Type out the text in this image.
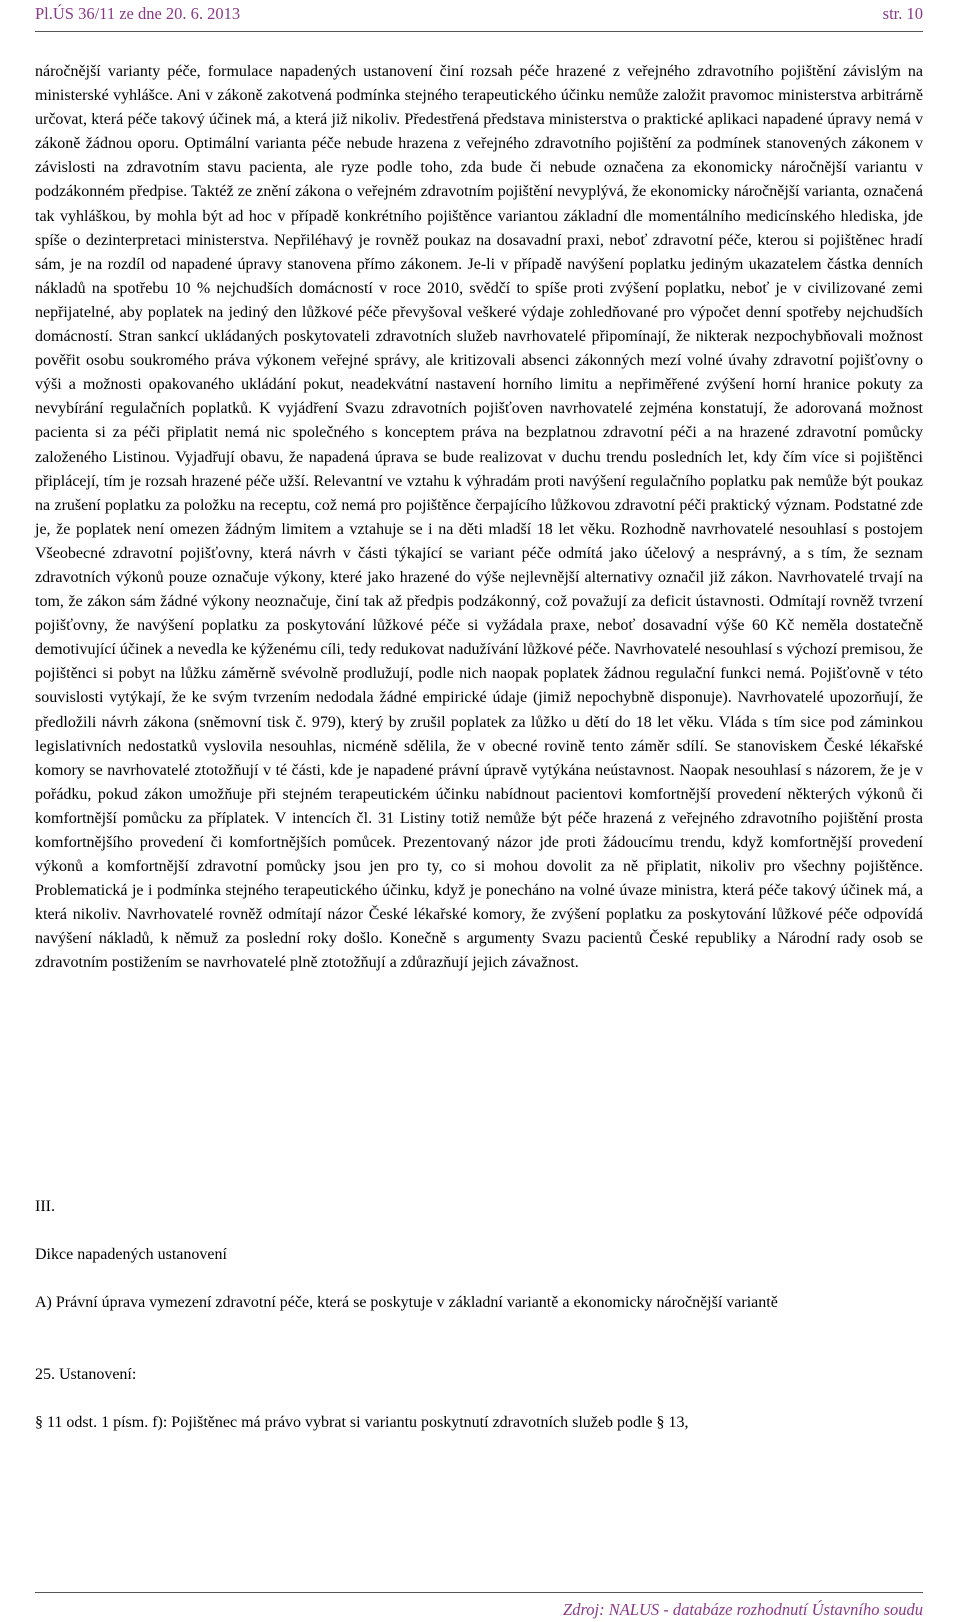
Pl.ÚS 36/11 ze dne 20. 6. 2013	str. 10

náročnější varianty péče, formulace napadených ustanovení činí rozsah péče hrazené z veřejného zdravotního pojištění závislým na ministerské vyhlášce. Ani v zákoně zakotvená podmínka stejného terapeutického účinku nemůže založit pravomoc ministerstva arbitrárně určovat, která péče takový účinek má, a která již nikoliv. Předestřená představa ministerstva o praktické aplikaci napadené úpravy nemá v zákoně žádnou oporu. Optimální varianta péče nebude hrazena z veřejného zdravotního pojištění za podmínek stanovených zákonem v závislosti na zdravotním stavu pacienta, ale ryze podle toho, zda bude či nebude označena za ekonomicky náročnější variantu v podzákonném předpise. Taktéž ze znění zákona o veřejném zdravotním pojištění nevyplývá, že ekonomicky náročnější varianta, označená tak vyhláškou, by mohla být ad hoc v případě konkrétního pojištěnce variantou základní dle momentálního medicínského hlediska, jde spíše o dezinterpretaci ministerstva. Nepřiléhavý je rovněž poukaz na dosavadní praxi, neboť zdravotní péče, kterou si pojištěnec hradí sám, je na rozdíl od napadené úpravy stanovena přímo zákonem. Je-li v případě navýšení poplatku jediným ukazatelem částka denních nákladů na spotřebu 10 % nejchudších domácností v roce 2010, svědčí to spíše proti zvýšení poplatku, neboť je v civilizované zemi nepřijatelné, aby poplatek na jediný den lůžkové péče převyšoval veškeré výdaje zohledňované pro výpočet denní spotřeby nejchudších domácností. Stran sankcí ukládaných poskytovateli zdravotních služeb navrhovatelé připomínají, že nikterak nezpochybňovali možnost pověřit osobu soukromého práva výkonem veřejné správy, ale kritizovali absenci zákonných mezí volné úvahy zdravotní pojišťovny o výši a možnosti opakovaného ukládání pokut, neadekvátní nastavení horního limitu a nepřiměřené zvýšení horní hranice pokuty za nevybírání regulačních poplatků. K vyjádření Svazu zdravotních pojišťoven navrhovatelé zejména konstatují, že adorovaná možnost pacienta si za péči připlatit nemá nic společného s konceptem práva na bezplatnou zdravotní péči a na hrazené zdravotní pomůcky založeného Listinou. Vyjadřují obavu, že napadená úprava se bude realizovat v duchu trendu posledních let, kdy čím více si pojištěnci připlácejí, tím je rozsah hrazené péče užší. Relevantní ve vztahu k výhradám proti navýšení regulačního poplatku pak nemůže být poukaz na zrušení poplatku za položku na receptu, což nemá pro pojištěnce čerpajícího lůžkovou zdravotní péči praktický význam. Podstatné zde je, že poplatek není omezen žádným limitem a vztahuje se i na děti mladší 18 let věku. Rozhodně navrhovatelé nesouhlasí s postojem Všeobecné zdravotní pojišťovny, která návrh v části týkající se variant péče odmítá jako účelový a nesprávný, a s tím, že seznam zdravotních výkonů pouze označuje výkony, které jako hrazené do výše nejlevnější alternativy označil již zákon. Navrhovatelé trvají na tom, že zákon sám žádné výkony neoznačuje, činí tak až předpis podzákonný, což považují za deficit ústavnosti. Odmítají rovněž tvrzení pojišťovny, že navýšení poplatku za poskytování lůžkové péče si vyžádala praxe, neboť dosavadní výše 60 Kč neměla dostatečně demotivující účinek a nevedla ke kýženému cíli, tedy redukovat nadužívání lůžkové péče. Navrhovatelé nesouhlasí s výchozí premisou, že pojištěnci si pobyt na lůžku záměrně svévolně prodlužují, podle nich naopak poplatek žádnou regulační funkci nemá. Pojišťovně v této souvislosti vytýkají, že ke svým tvrzením nedodala žádné empirické údaje (jimiž nepochybně disponuje). Navrhovatelé upozorňují, že předložili návrh zákona (sněmovní tisk č. 979), který by zrušil poplatek za lůžko u dětí do 18 let věku. Vláda s tím sice pod záminkou legislativních nedostatků vyslovila nesouhlas, nicméně sdělila, že v obecné rovině tento záměr sdílí. Se stanoviskem České lékařské komory se navrhovatelé ztotožňují v té části, kde je napadené právní úpravě vytýkána neústavnost. Naopak nesouhlasí s názorem, že je v pořádku, pokud zákon umožňuje při stejném terapeutickém účinku nabídnout pacientovi komfortnější provedení některých výkonů či komfortnější pomůcku za příplatek. V intencích čl. 31 Listiny totiž nemůže být péče hrazená z veřejného zdravotního pojištění prosta komfortnějšího provedení či komfortnějších pomůcek. Prezentovaný názor jde proti žádoucímu trendu, když komfortnější provedení výkonů a komfortnější zdravotní pomůcky jsou jen pro ty, co si mohou dovolit za ně připlatit, nikoliv pro všechny pojištěnce. Problematická je i podmínka stejného terapeutického účinku, když je ponecháno na volné úvaze ministra, která péče takový účinek má, a která nikoliv. Navrhovatelé rovněž odmítají názor České lékařské komory, že zvýšení poplatku za poskytování lůžkové péče odpovídá navýšení nákladů, k němuž za poslední roky došlo. Konečně s argumenty Svazu pacientů České republiky a Národní rady osob se zdravotním postižením se navrhovatelé plně ztotožňují a zdůrazňují jejich závažnost.

III.

Dikce napadených ustanovení

A) Právní úprava vymezení zdravotní péče, která se poskytuje v základní variantě a ekonomicky náročnější variantě

25. Ustanovení:

§ 11 odst. 1 písm. f): Pojištěnec má právo vybrat si variantu poskytnutí zdravotních služeb podle § 13,

Zdroj: NALUS - databáze rozhodnutí Ústavního soudu
